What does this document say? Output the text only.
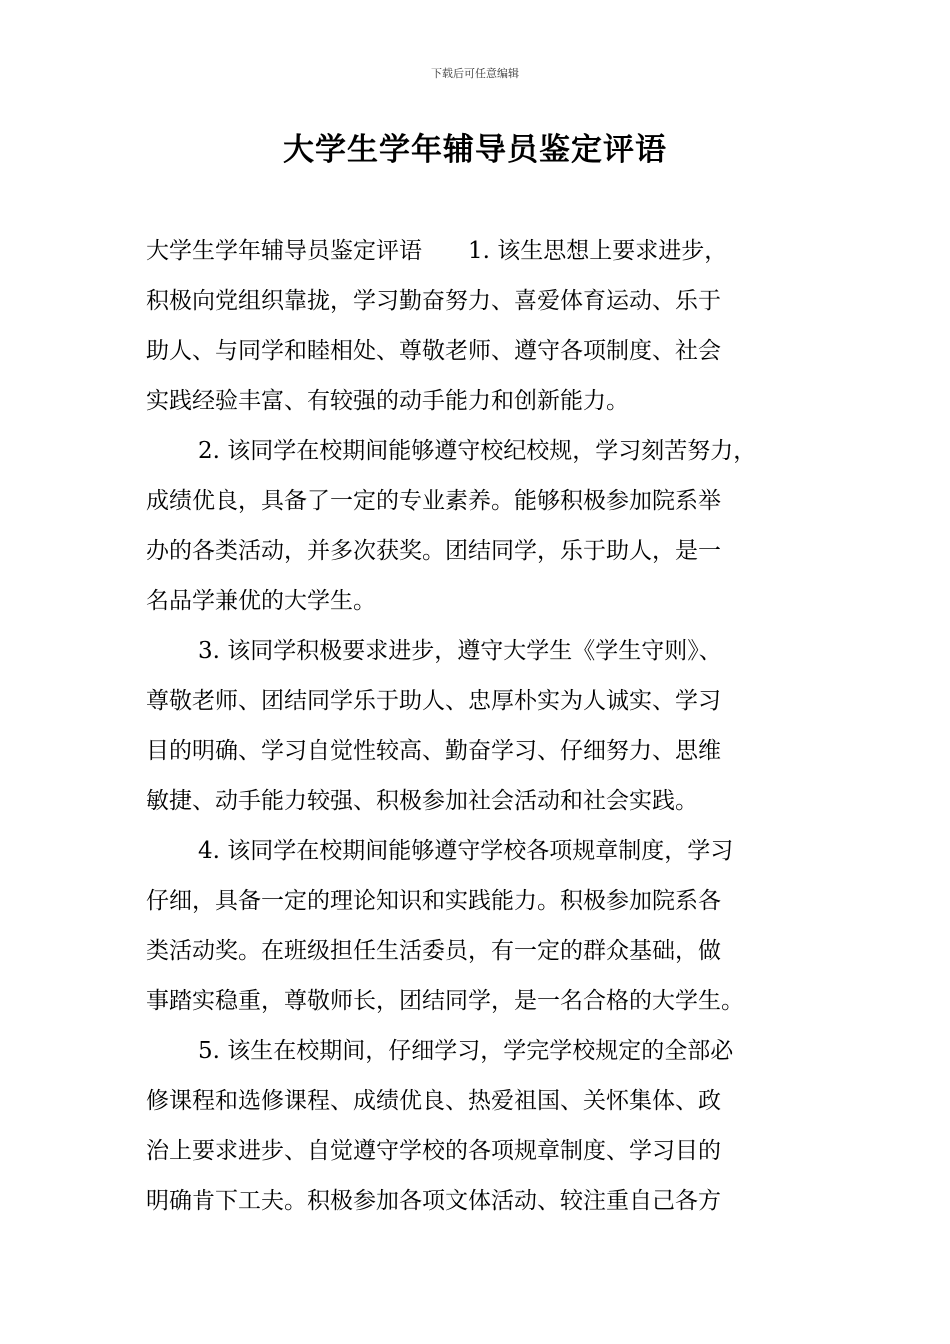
下载后可任意编辑
大学生学年辅导员鉴定评语
大学生学年辅导员鉴定评语　　1. 该生思想上要求进步，
积极向党组织靠拢，学习勤奋努力、喜爱体育运动、乐于
助人、与同学和睦相处、尊敬老师、遵守各项制度、社会
实践经验丰富、有较强的动手能力和创新能力。
2. 该同学在校期间能够遵守校纪校规，学习刻苦努力，
成绩优良，具备了一定的专业素养。能够积极参加院系举
办的各类活动，并多次获奖。团结同学，乐于助人，是一
名品学兼优的大学生。
3. 该同学积极要求进步，遵守大学生《学生守则》、
尊敬老师、团结同学乐于助人、忠厚朴实为人诚实、学习
目的明确、学习自觉性较高、勤奋学习、仔细努力、思维
敏捷、动手能力较强、积极参加社会活动和社会实践。
4. 该同学在校期间能够遵守学校各项规章制度，学习
仔细，具备一定的理论知识和实践能力。积极参加院系各
类活动奖。在班级担任生活委员，有一定的群众基础，做
事踏实稳重，尊敬师长，团结同学，是一名合格的大学生。
5. 该生在校期间，仔细学习，学完学校规定的全部必
修课程和选修课程、成绩优良、热爱祖国、关怀集体、政
治上要求进步、自觉遵守学校的各项规章制度、学习目的
明确肯下工夫。积极参加各项文体活动、较注重自己各方
